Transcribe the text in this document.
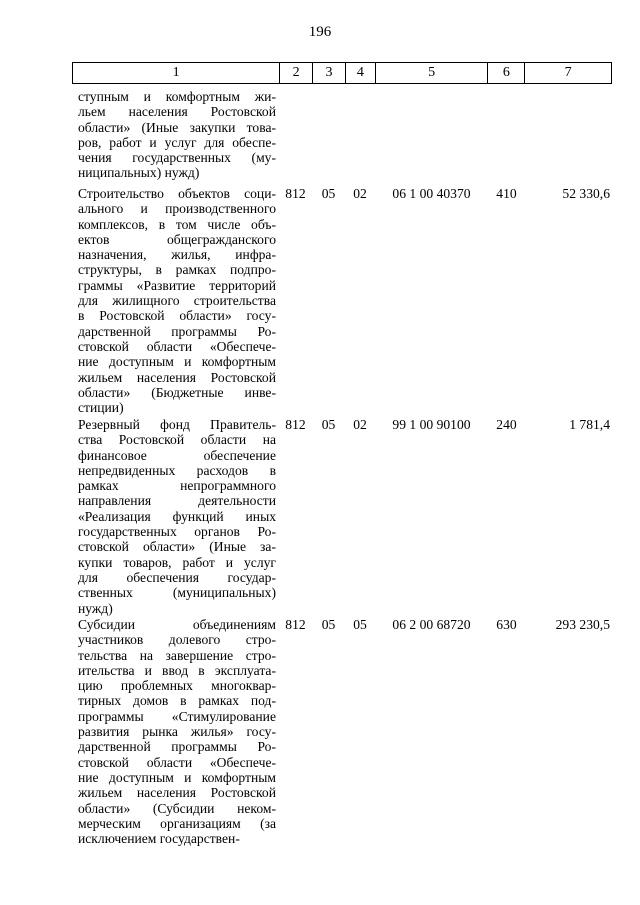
196
1	2	3	4	5	6	7
ступным и комфортным жи-
льем населения Ростовской
области» (Иные закупки това-
ров, работ и услуг для обеспе-
чения государственных (му-
ниципальных) нужд)
Строительство объектов соци-
ального и производственного
комплексов, в том числе объ-
ектов общегражданского
назначения, жилья, инфра-
структуры, в рамках подпро-
граммы «Развитие территорий
для жилищного строительства
в Ростовской области» госу-
дарственной программы Ро-
стовской области «Обеспече-
ние доступным и комфортным
жильем населения Ростовской
области» (Бюджетные инве-
стиции)
812	05	02	06 1 00 40370	410	52 330,6
Резервный фонд Правитель-
ства Ростовской области на
финансовое обеспечение
непредвиденных расходов в
рамках непрограммного
направления деятельности
«Реализация функций иных
государственных органов Ро-
стовской области» (Иные за-
купки товаров, работ и услуг
для обеспечения государ-
ственных (муниципальных)
нужд)
812	05	02	99 1 00 90100	240	1 781,4
Субсидии объединениям
участников долевого стро-
тельства на завершение стро-
ительства и ввод в эксплуата-
цию проблемных многоквар-
тирных домов в рамках под-
программы «Стимулирование
развития рынка жилья» госу-
дарственной программы Ро-
стовской области «Обеспече-
ние доступным и комфортным
жильем населения Ростовской
области» (Субсидии неком-
мерческим организациям (за
исключением государствен-
812	05	05	06 2 00 68720	630	293 230,5
